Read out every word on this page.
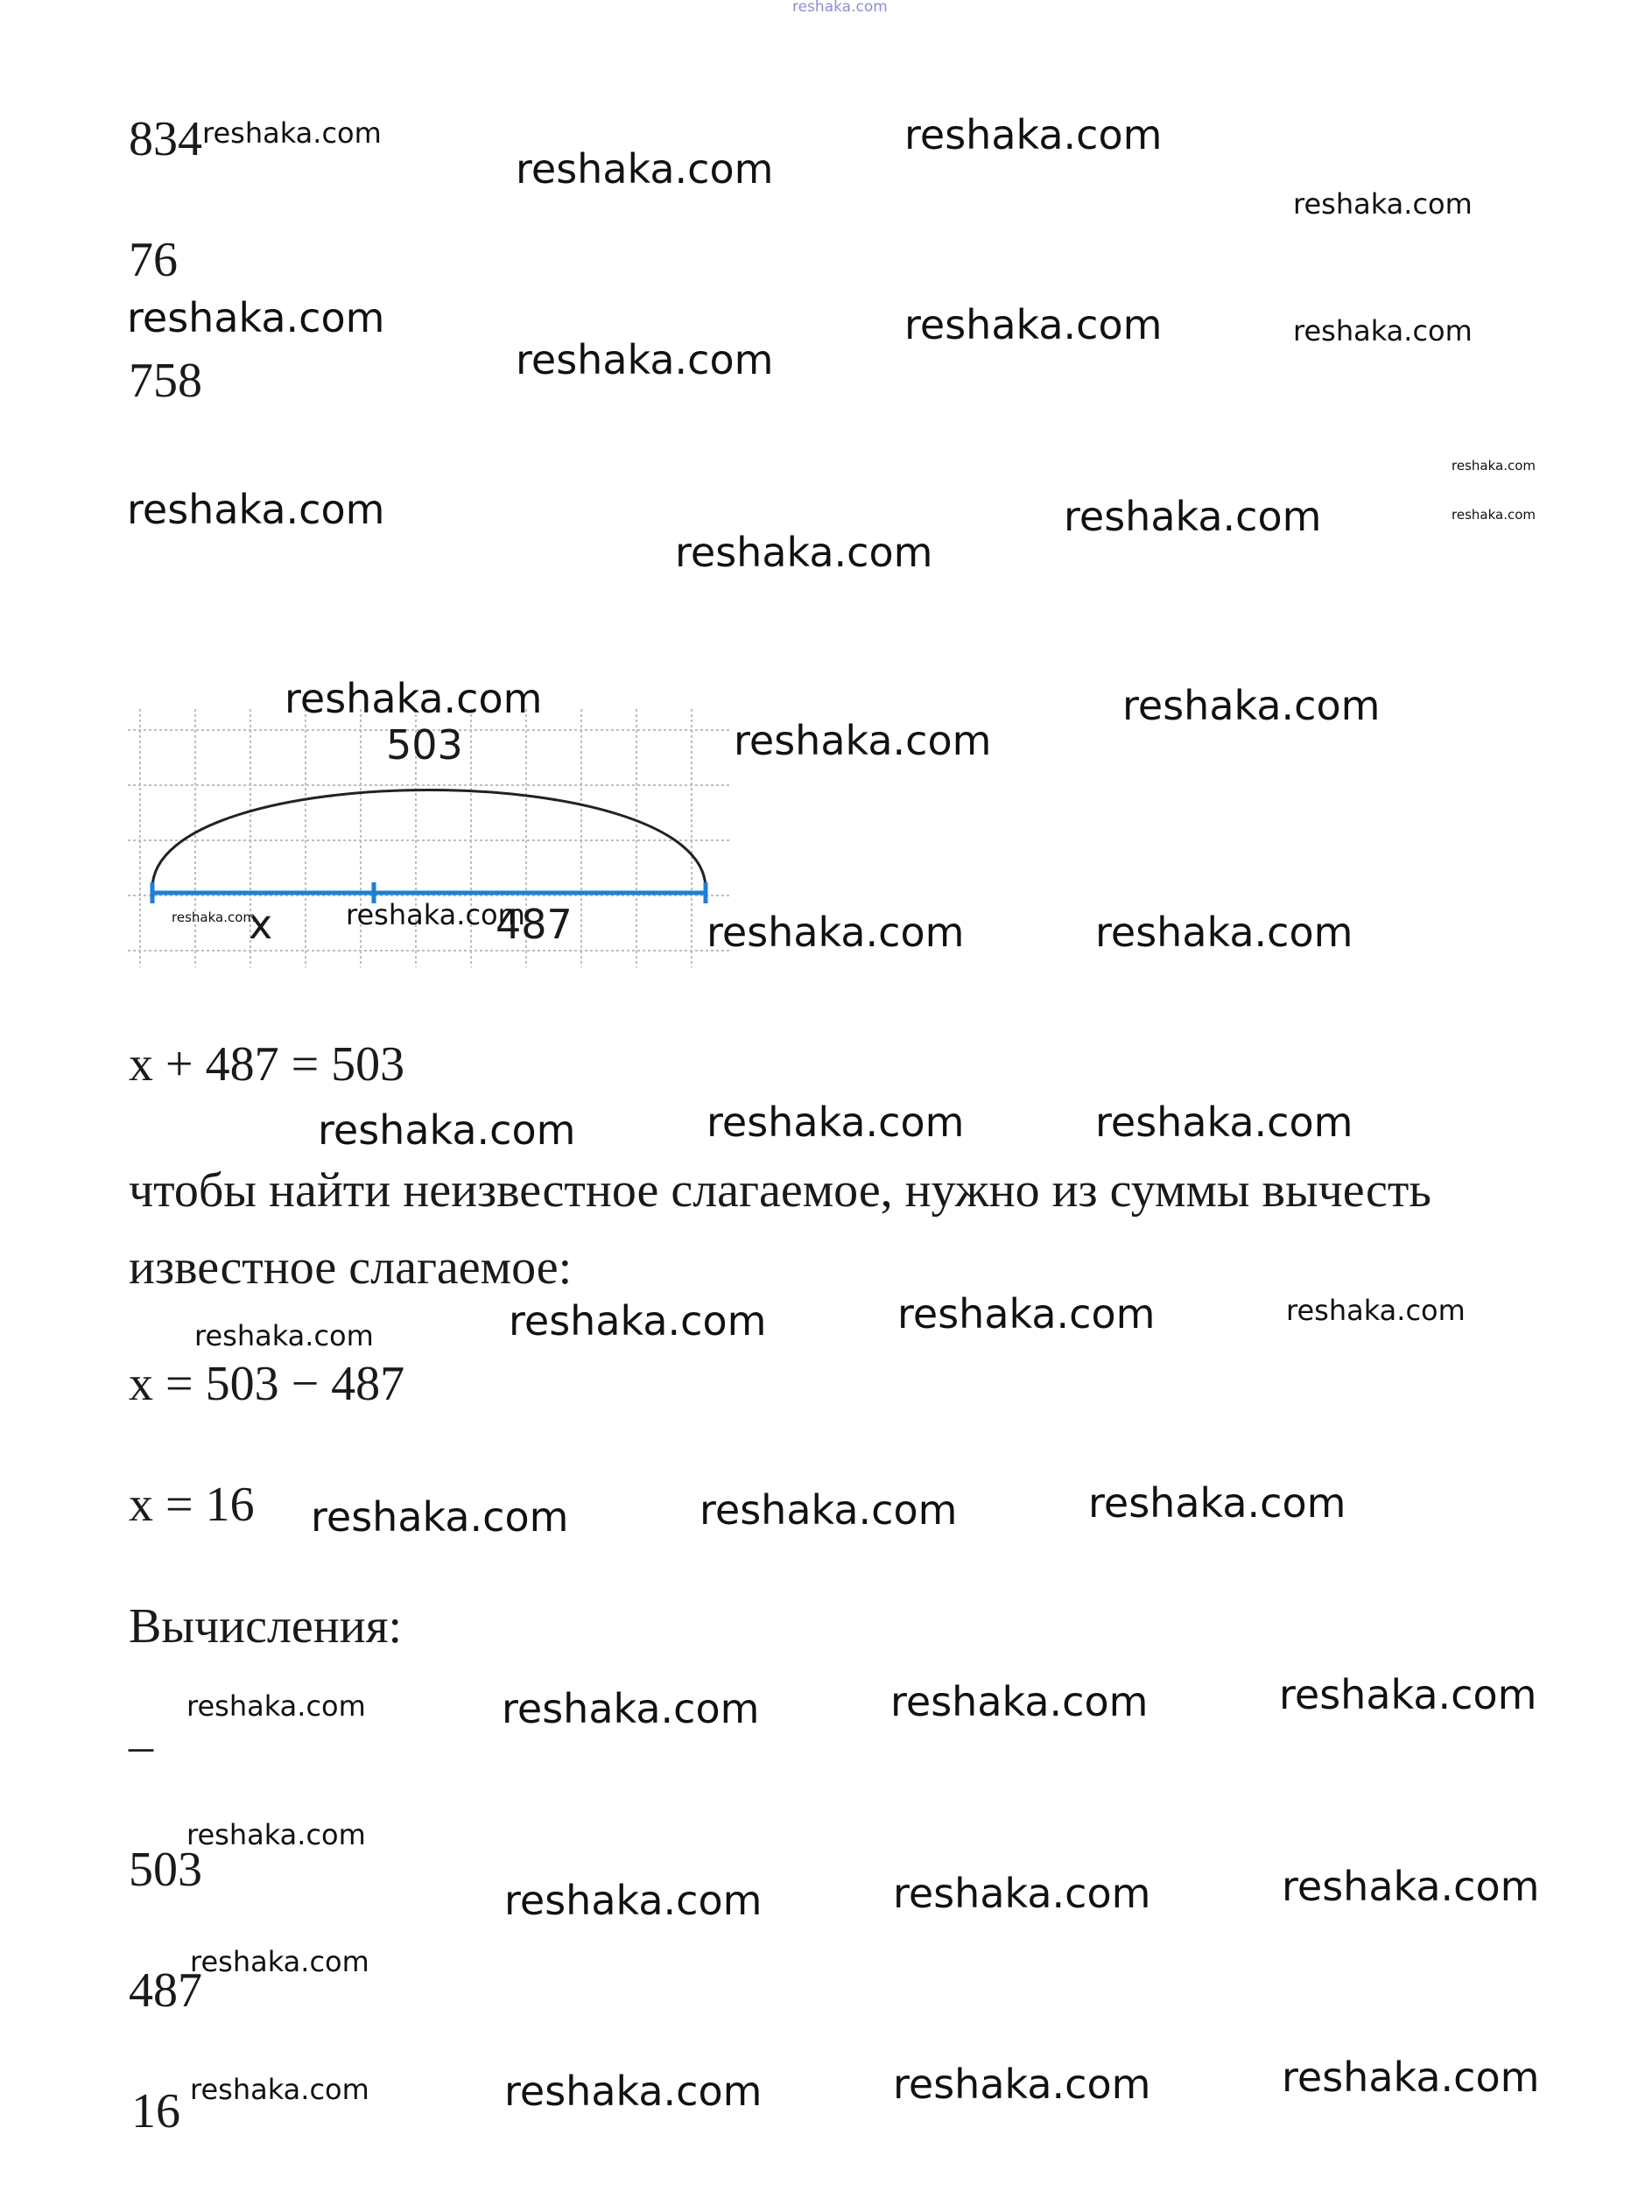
reshaka.com
834
76
758
reshaka.com
reshaka.com
reshaka.com
reshaka.com
reshaka.com
reshaka.com
reshaka.com	reshaka.com
reshaka.com
reshaka.com
reshaka.com	reshaka.com
reshaka.com
503
x	487
reshaka.com
reshaka.com
reshaka.com
reshaka.com	reshaka.com	reshaka.com	reshaka.com
x + 487 = 503
reshaka.com	reshaka.com	reshaka.com
чтобы найти неизвестное слагаемое, нужно из суммы вычесть известное слагаемое:
reshaka.com	reshaka.com	reshaka.com	reshaka.com
x = 503 − 487
x = 16 reshaka.com	reshaka.com	reshaka.com
Вычисления:
_ reshaka.com	reshaka.com	reshaka.com	reshaka.com
503
reshaka.com
reshaka.com	reshaka.com	reshaka.com
487
reshaka.com
16 reshaka.com	reshaka.com	reshaka.com	reshaka.com
